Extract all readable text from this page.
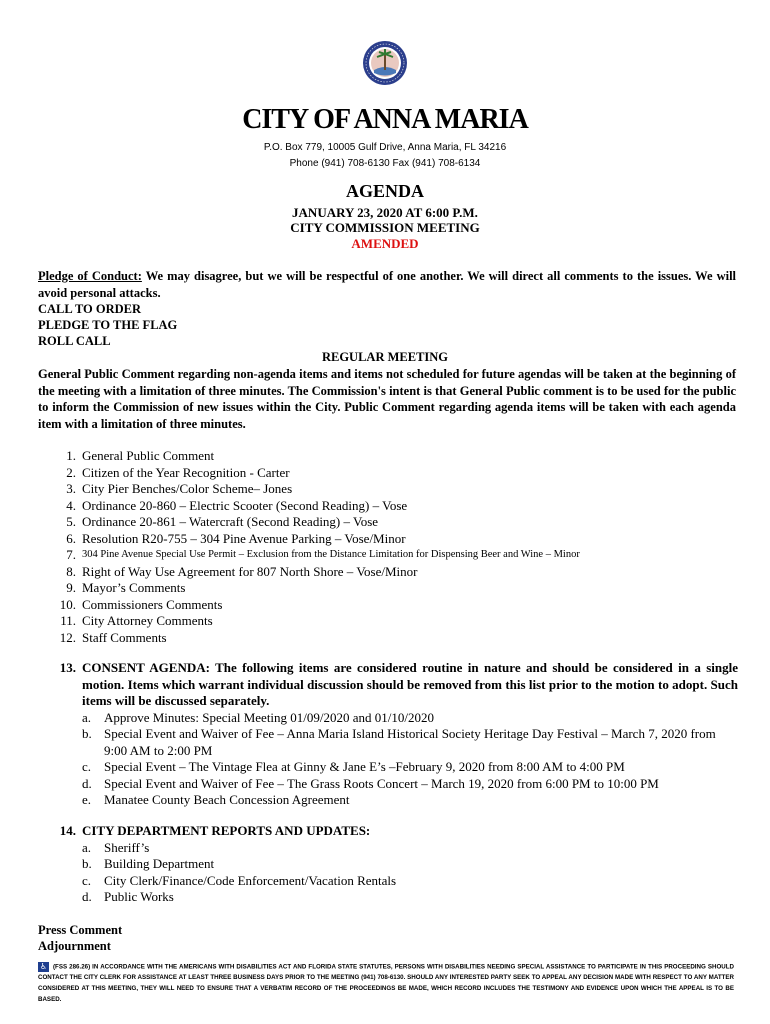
CITY OF ANNA MARIA
P.O. Box 779, 10005 Gulf Drive, Anna Maria, FL 34216
Phone (941) 708-6130 Fax (941) 708-6134
AGENDA
JANUARY 23, 2020 AT 6:00 P.M.
CITY COMMISSION MEETING
AMENDED
Pledge of Conduct: We may disagree, but we will be respectful of one another. We will direct all comments to the issues. We will avoid personal attacks.
CALL TO ORDER
PLEDGE TO THE FLAG
ROLL CALL
REGULAR MEETING
General Public Comment regarding non-agenda items and items not scheduled for future agendas will be taken at the beginning of the meeting with a limitation of three minutes. The Commission's intent is that General Public comment is to be used for the public to inform the Commission of new issues within the City. Public Comment regarding agenda items will be taken with each agenda item with a limitation of three minutes.
1. General Public Comment
2. Citizen of the Year Recognition - Carter
3. City Pier Benches/Color Scheme– Jones
4. Ordinance 20-860 – Electric Scooter (Second Reading) – Vose
5. Ordinance 20-861 – Watercraft (Second Reading) – Vose
6. Resolution R20-755 – 304 Pine Avenue Parking – Vose/Minor
7. 304 Pine Avenue Special Use Permit – Exclusion from the Distance Limitation for Dispensing Beer and Wine – Minor
8. Right of Way Use Agreement for 807 North Shore – Vose/Minor
9. Mayor’s Comments
10. Commissioners Comments
11. City Attorney Comments
12. Staff Comments
13. CONSENT AGENDA: The following items are considered routine in nature and should be considered in a single motion. Items which warrant individual discussion should be removed from this list prior to the motion to adopt. Such items will be discussed separately.
a. Approve Minutes: Special Meeting 01/09/2020 and 01/10/2020
b. Special Event and Waiver of Fee – Anna Maria Island Historical Society Heritage Day Festival – March 7, 2020 from 9:00 AM to 2:00 PM
c. Special Event – The Vintage Flea at Ginny & Jane E’s –February 9, 2020 from 8:00 AM to 4:00 PM
d. Special Event and Waiver of Fee – The Grass Roots Concert – March 19, 2020 from 6:00 PM to 10:00 PM
e. Manatee County Beach Concession Agreement
14. CITY DEPARTMENT REPORTS AND UPDATES:
a. Sheriff’s
b. Building Department
c. City Clerk/Finance/Code Enforcement/Vacation Rentals
d. Public Works
Press Comment
Adjournment
♿ (FSS 286.26) IN ACCORDANCE WITH THE AMERICANS WITH DISABILITIES ACT AND FLORIDA STATE STATUTES, PERSONS WITH DISABILITIES NEEDING SPECIAL ASSISTANCE TO PARTICIPATE IN THIS PROCEEDING SHOULD CONTACT THE CITY CLERK FOR ASSISTANCE AT LEAST THREE BUSINESS DAYS PRIOR TO THE MEETING (941) 708-6130. SHOULD ANY INTERESTED PARTY SEEK TO APPEAL ANY DECISION MADE WITH RESPECT TO ANY MATTER CONSIDERED AT THIS MEETING, THEY WILL NEED TO ENSURE THAT A VERBATIM RECORD OF THE PROCEEDINGS BE MADE, WHICH RECORD INCLUDES THE TESTIMONY AND EVIDENCE UPON WHICH THE APPEAL IS TO BE BASED.
